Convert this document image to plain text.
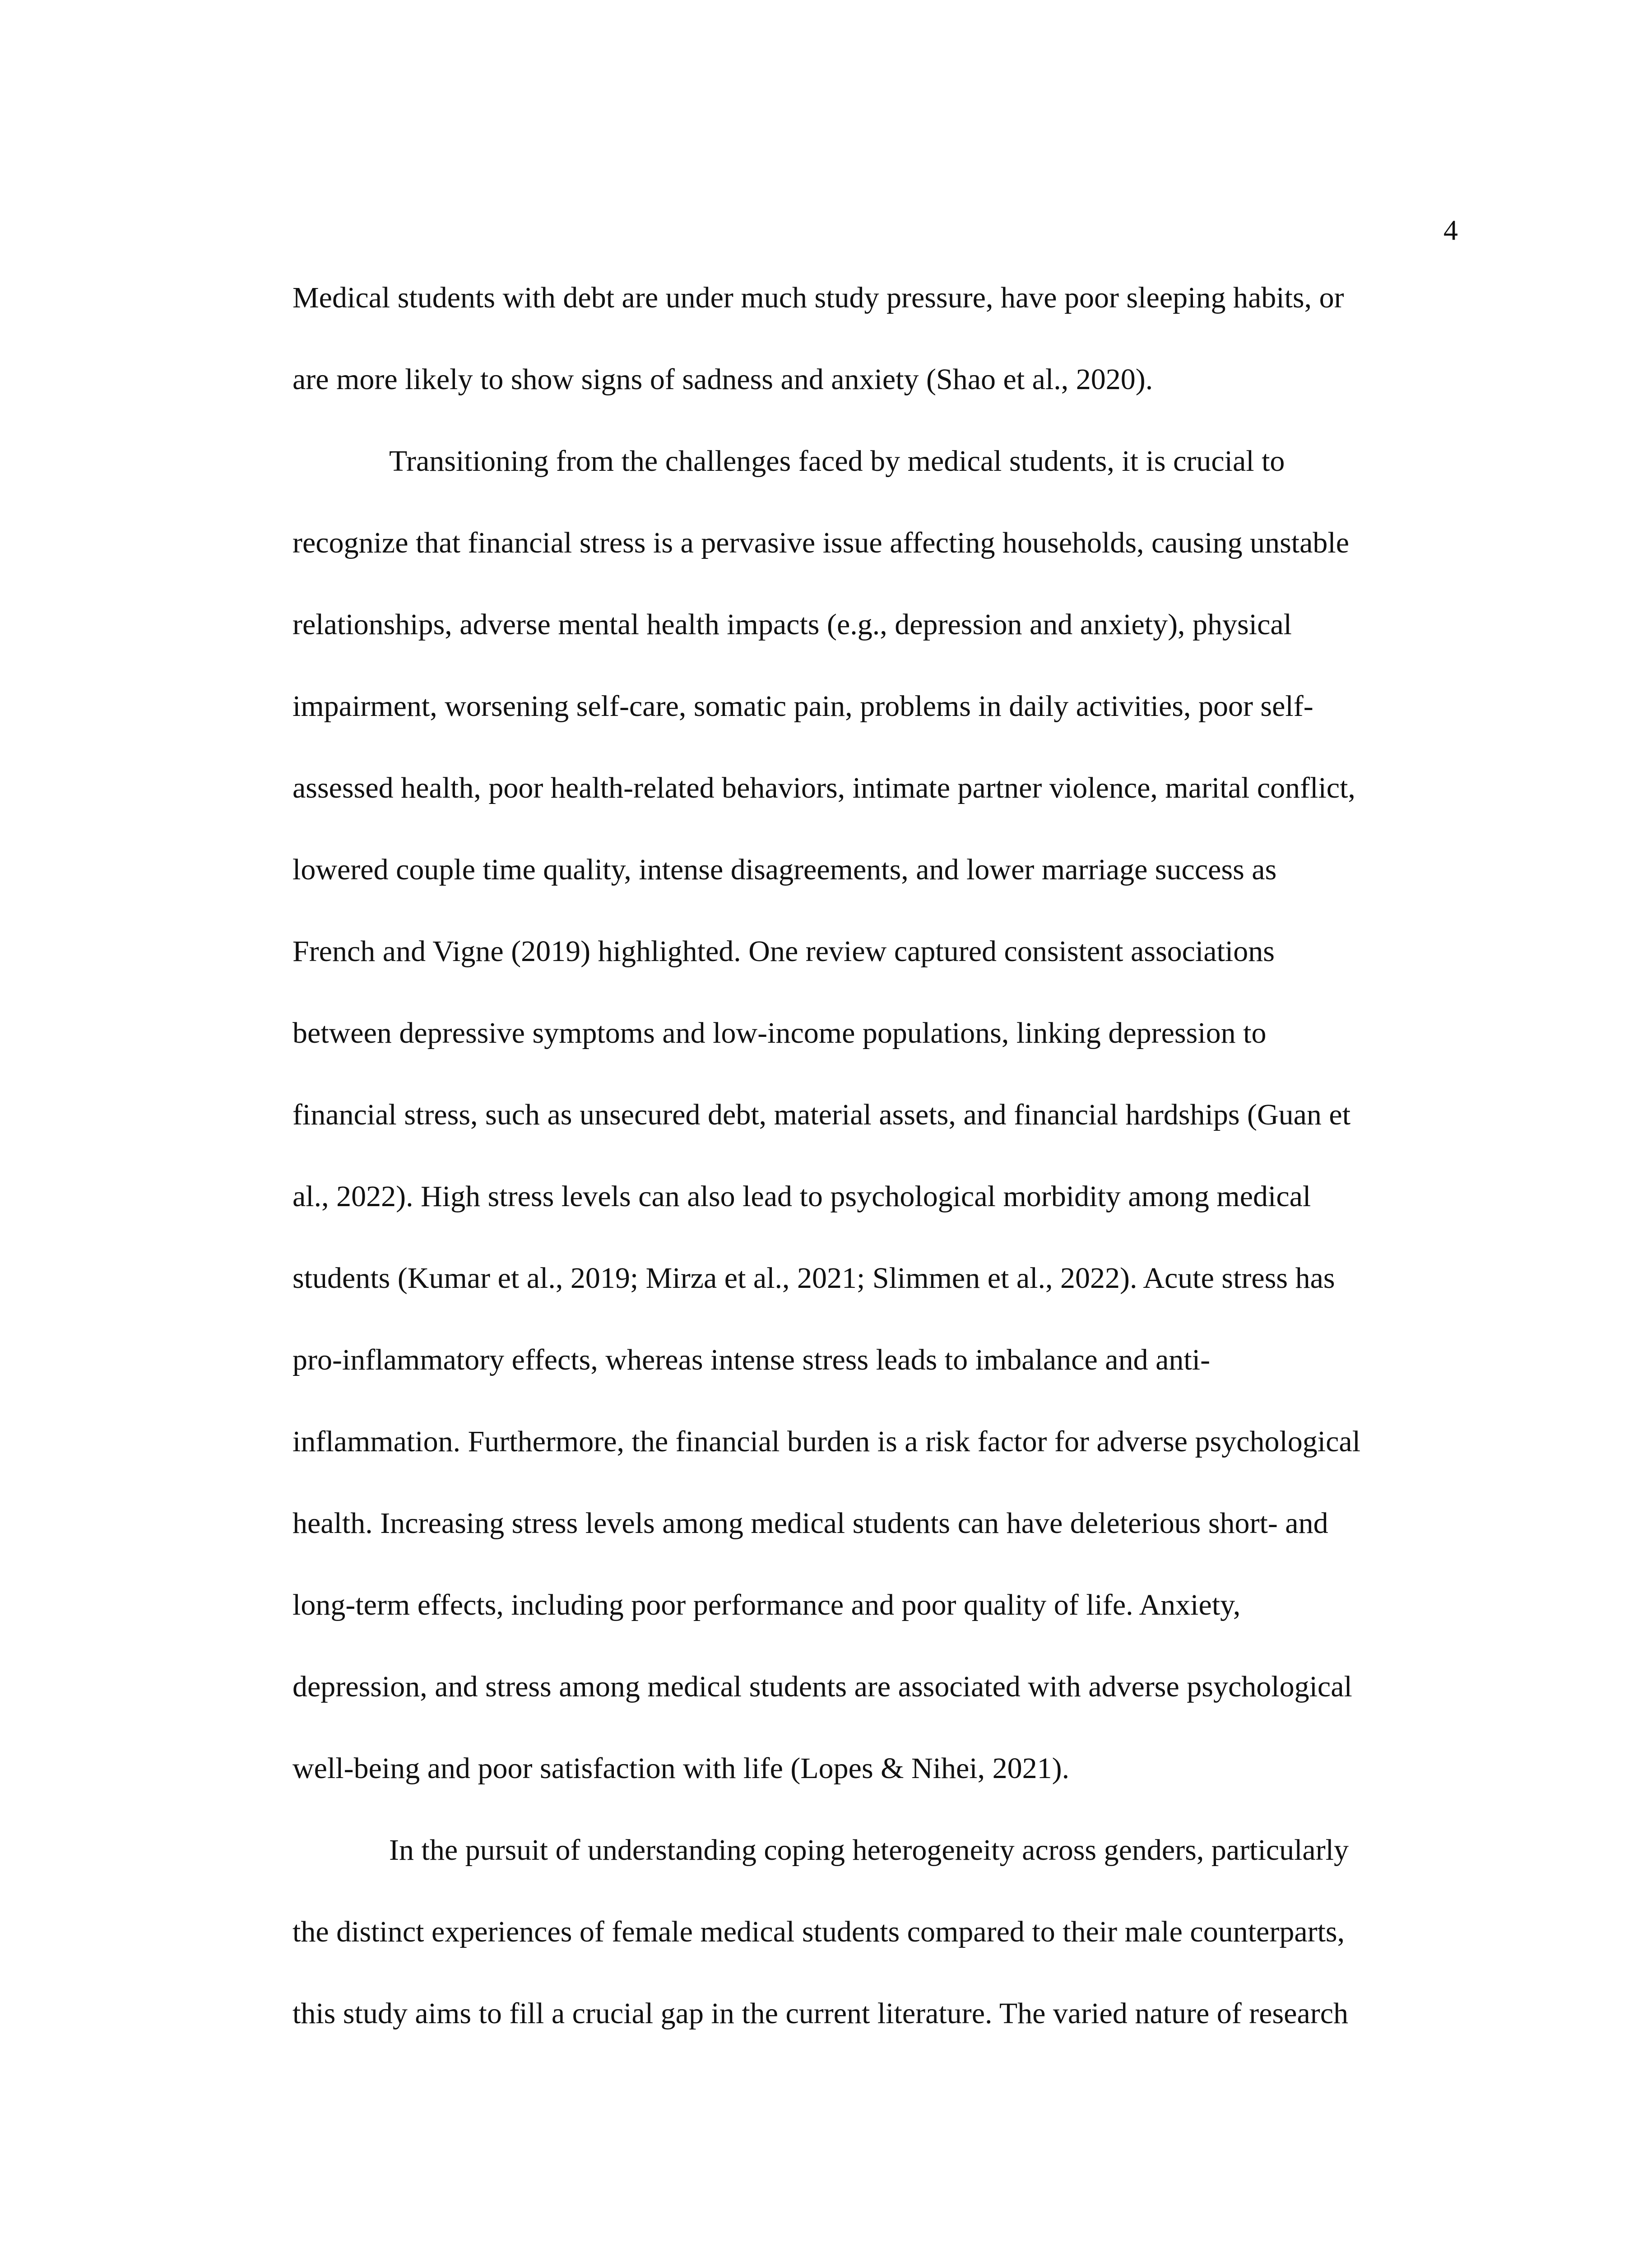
4
Medical students with debt are under much study pressure, have poor sleeping habits, or
are more likely to show signs of sadness and anxiety (Shao et al., 2020).
Transitioning from the challenges faced by medical students, it is crucial to
recognize that financial stress is a pervasive issue affecting households, causing unstable
relationships, adverse mental health impacts (e.g., depression and anxiety), physical
impairment, worsening self-care, somatic pain, problems in daily activities, poor self-
assessed health, poor health-related behaviors, intimate partner violence, marital conflict,
lowered couple time quality, intense disagreements, and lower marriage success as
French and Vigne (2019) highlighted. One review captured consistent associations
between depressive symptoms and low-income populations, linking depression to
financial stress, such as unsecured debt, material assets, and financial hardships (Guan et
al., 2022). High stress levels can also lead to psychological morbidity among medical
students (Kumar et al., 2019; Mirza et al., 2021; Slimmen et al., 2022). Acute stress has
pro-inflammatory effects, whereas intense stress leads to imbalance and anti-
inflammation. Furthermore, the financial burden is a risk factor for adverse psychological
health. Increasing stress levels among medical students can have deleterious short- and
long-term effects, including poor performance and poor quality of life. Anxiety,
depression, and stress among medical students are associated with adverse psychological
well-being and poor satisfaction with life (Lopes & Nihei, 2021).
In the pursuit of understanding coping heterogeneity across genders, particularly
the distinct experiences of female medical students compared to their male counterparts,
this study aims to fill a crucial gap in the current literature. The varied nature of research
